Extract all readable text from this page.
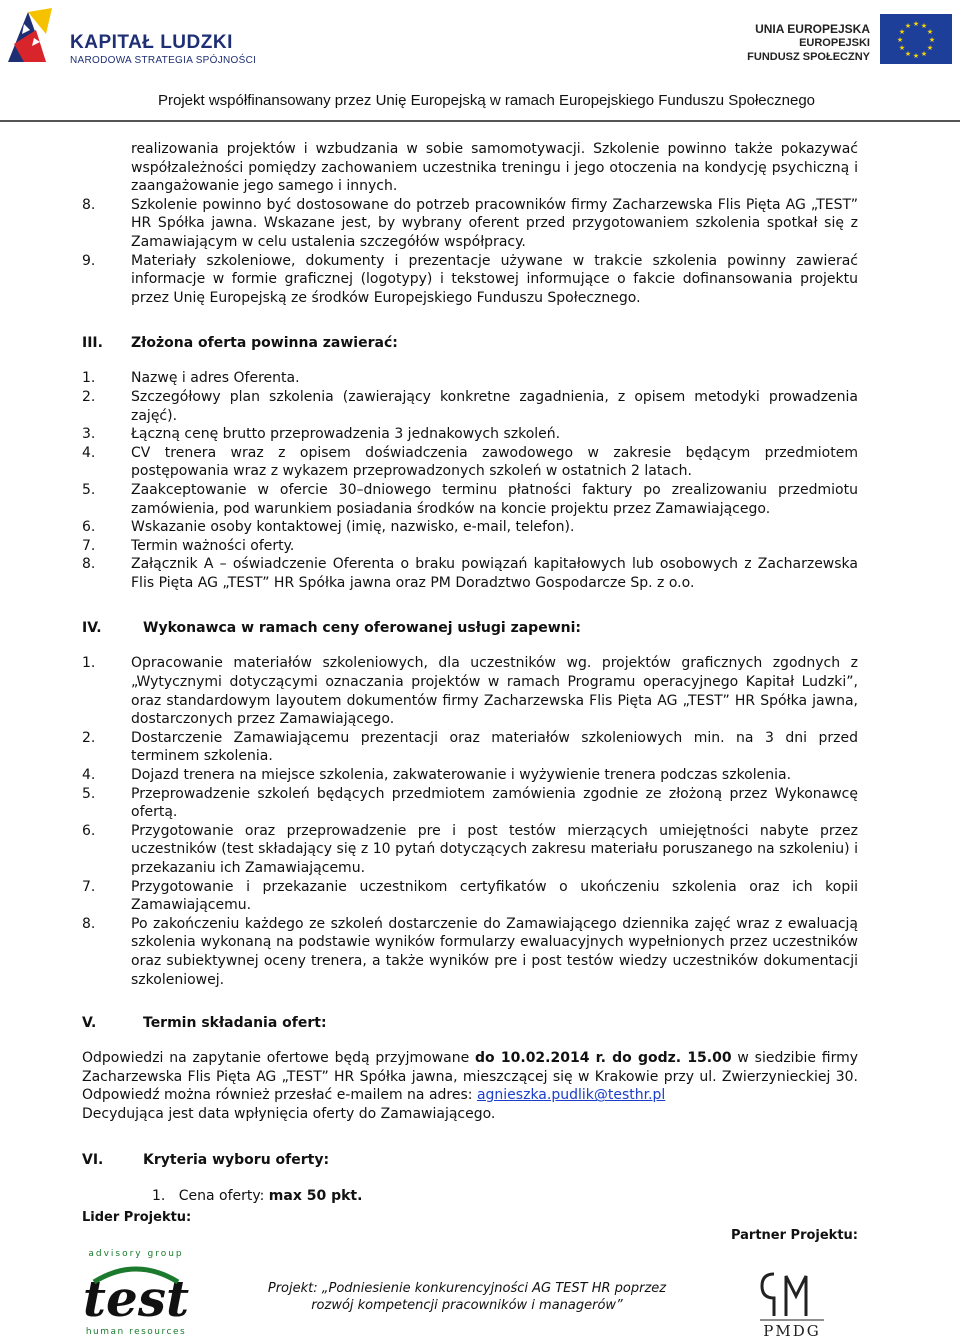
KAPITAŁ LUDZKI
NARODOWA STRATEGIA SPÓJNOŚCI
UNIA EUROPEJSKA
EUROPEJSKI
FUNDUSZ SPOŁECZNY
★ ★
★
★
★
★
★
★
★
★
★
★
Projekt współfinansowany przez Unię Europejską w ramach Europejskiego Funduszu Społecznego

realizowania projektów i wzbudzania w sobie samomotywacji. Szkolenie powinno także pokazywać współzależności pomiędzy zachowaniem uczestnika treningu i jego otoczenia na kondycję psychiczną i zaangażowanie jego samego i innych.

8.	Szkolenie powinno być dostosowane do potrzeb pracowników firmy Zacharzewska Flis Pięta AG „TEST” HR Spółka jawna. Wskazane jest, by wybrany oferent przed przygotowaniem szkolenia spotkał się z Zamawiającym w celu ustalenia szczegółów współpracy.
9.	Materiały szkoleniowe, dokumenty i prezentacje używane w trakcie szkolenia powinny zawierać informacje w formie graficznej (logotypy) i tekstowej informujące o fakcie dofinansowania projektu przez Unię Europejską ze środków Europejskiego Funduszu Społecznego.
III. Złożona oferta powinna zawierać:
1.	Nazwę i adres Oferenta.
2.	Szczegółowy plan szkolenia (zawierający konkretne zagadnienia, z opisem metodyki prowadzenia zajęć).
3.	Łączną cenę brutto przeprowadzenia 3 jednakowych szkoleń.
4.	CV trenera wraz z opisem doświadczenia zawodowego w zakresie będącym przedmiotem postępowania wraz z wykazem przeprowadzonych szkoleń w ostatnich 2 latach.
5.	Zaakceptowanie w ofercie 30–dniowego terminu płatności faktury po zrealizowaniu przedmiotu zamówienia, pod warunkiem posiadania środków na koncie projektu przez Zamawiającego.
6.	Wskazanie osoby kontaktowej (imię, nazwisko, e-mail, telefon).
7.	Termin ważności oferty.
8.	Załącznik A – oświadczenie Oferenta o braku powiązań kapitałowych lub osobowych z Zacharzewska Flis Pięta AG „TEST” HR Spółka jawna oraz PM Doradztwo Gospodarcze Sp. z o.o.
IV.	Wykonawca w ramach ceny oferowanej usługi zapewni:
1.	Opracowanie materiałów szkoleniowych, dla uczestników wg. projektów graficznych zgodnych z „Wytycznymi dotyczącymi oznaczania projektów w ramach Programu operacyjnego Kapitał Ludzki”, oraz standardowym layoutem dokumentów firmy Zacharzewska Flis Pięta AG „TEST” HR Spółka jawna, dostarczonych przez Zamawiającego.
2.	Dostarczenie Zamawiającemu prezentacji oraz materiałów szkoleniowych min. na 3 dni przed terminem szkolenia.
4.	Dojazd trenera na miejsce szkolenia, zakwaterowanie i wyżywienie trenera podczas szkolenia.
5.	Przeprowadzenie szkoleń będących przedmiotem zamówienia zgodnie ze złożoną przez Wykonawcę ofertą.
6.	Przygotowanie oraz przeprowadzenie pre i post testów mierzących umiejętności nabyte przez uczestników (test składający się z 10 pytań dotyczących zakresu materiału poruszanego na szkoleniu) i przekazaniu ich Zamawiającemu.
7.	Przygotowanie i przekazanie uczestnikom certyfikatów o ukończeniu szkolenia oraz ich kopii Zamawiającemu.
8.	Po zakończeniu każdego ze szkoleń dostarczenie do Zamawiającego dziennika zajęć wraz z ewaluacją szkolenia wykonaną na podstawie wyników formularzy ewaluacyjnych wypełnionych przez uczestników oraz subiektywnej oceny trenera, a także wyników pre i post testów wiedzy uczestników dokumentacji szkoleniowej.
V.	Termin składania ofert:

Odpowiedzi na zapytanie ofertowe będą przyjmowane do 10.02.2014 r. do godz. 15.00 w siedzibie firmy Zacharzewska Flis Pięta AG „TEST” HR Spółka jawna, mieszczącej się w Krakowie przy ul. Zwierzynieckiej 30. Odpowiedź można również przesłać e-mailem na adres: agnieszka.pudlik@testhr.pl

Decydująca jest data wpłynięcia oferty do Zamawiającego.

VI.	Kryteria wyboru oferty:
1. Cena oferty: max 50 pkt.
Lider Projektu:
Partner Projektu:
advisory group
test
human resources
Projekt: „Podniesienie konkurencyjności AG TEST HR poprzez
rozwój kompetencji pracowników i managerów”
PMDG
